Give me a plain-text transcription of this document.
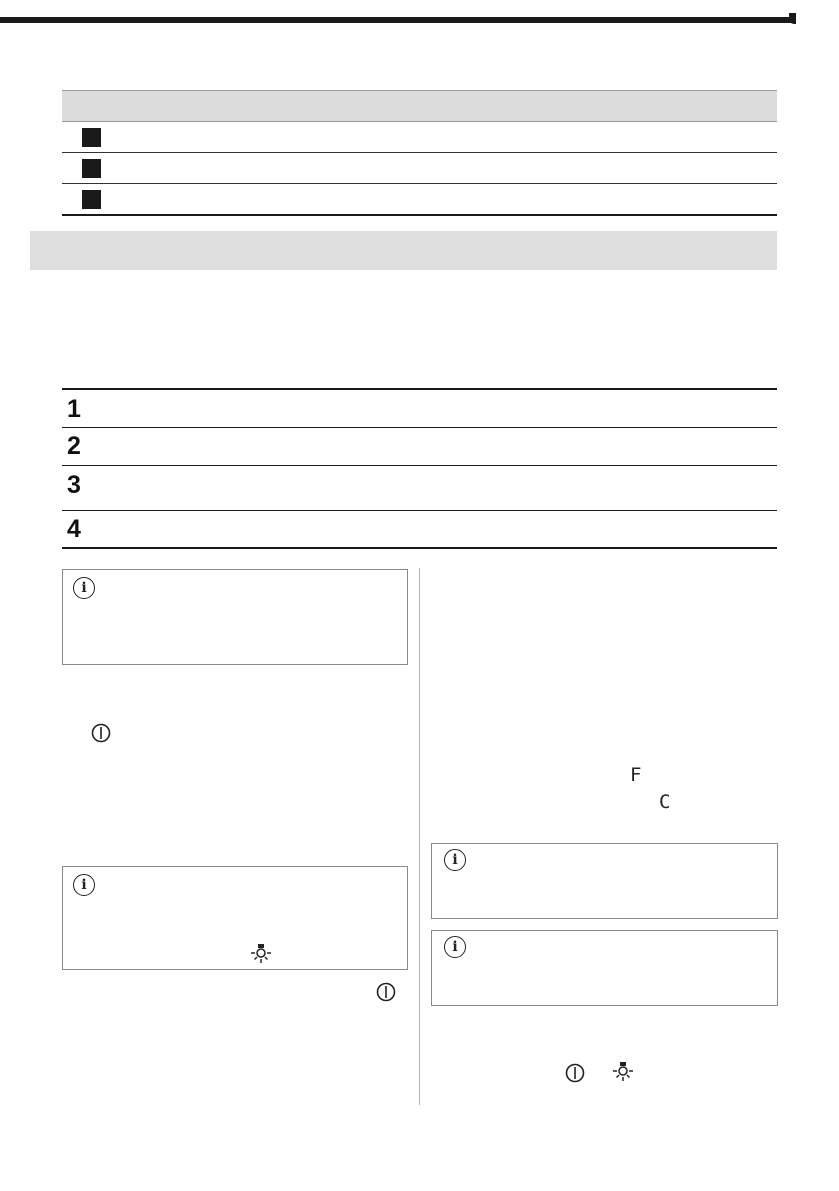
1
2
3
4
i
i
F
C
i
i
